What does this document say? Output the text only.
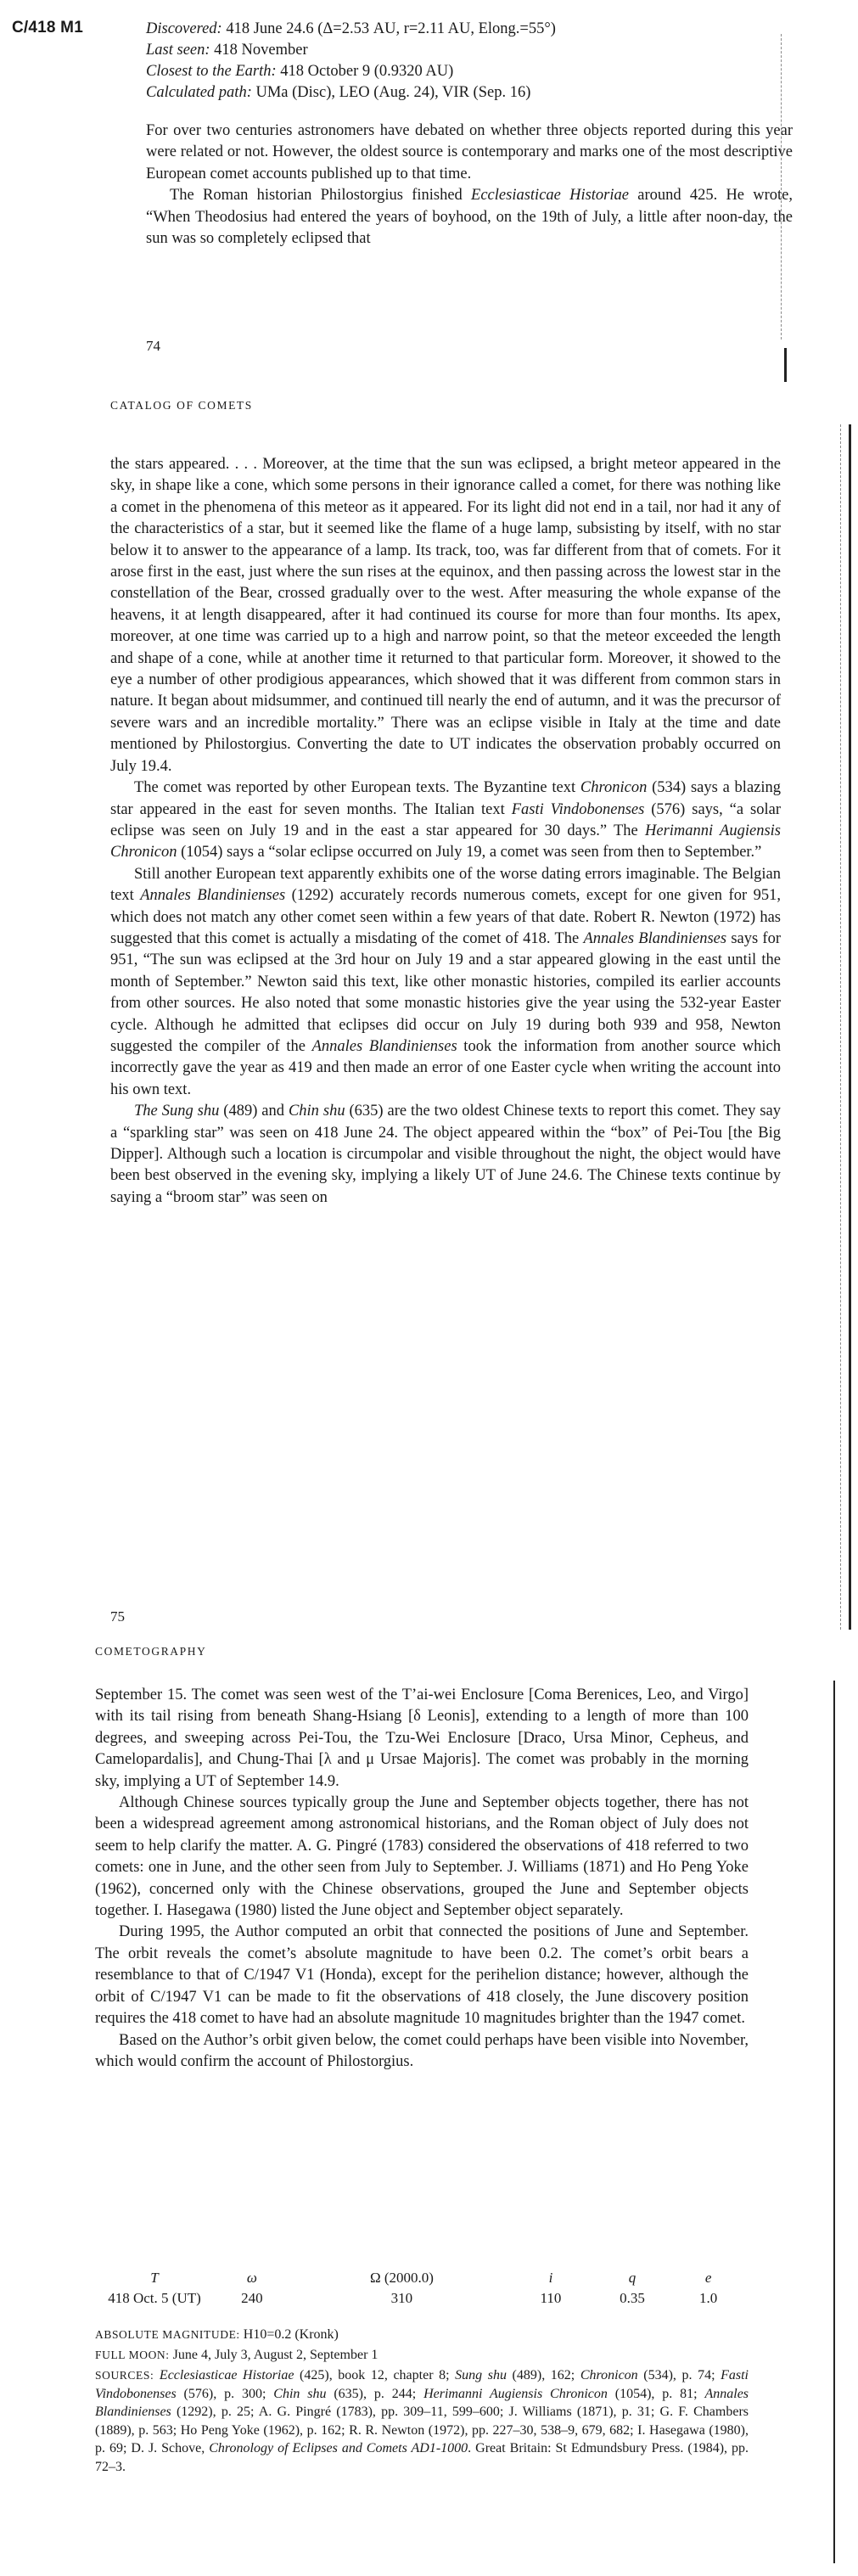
C/418 M1	Discovered: 418 June 24.6 (Δ=2.53 AU, r=2.11 AU, Elong.=55°)
Last seen: 418 November
Closest to the Earth: 418 October 9 (0.9320 AU)
Calculated path: UMa (Disc), LEO (Aug. 24), VIR (Sep. 16)

For over two centuries astronomers have debated on whether three objects reported during this year were related or not. However, the oldest source is contemporary and marks one of the most descriptive European comet accounts published up to that time.

The Roman historian Philostorgius finished Ecclesiasticae Historiae around 425. He wrote, “When Theodosius had entered the years of boyhood, on the 19th of July, a little after noon-day, the sun was so completely eclipsed that

74
CATALOG OF COMETS

the stars appeared. . . . Moreover, at the time that the sun was eclipsed, a bright meteor appeared in the sky, in shape like a cone, which some persons in their ignorance called a comet, for there was nothing like a comet in the phenomena of this meteor as it appeared. For its light did not end in a tail, nor had it any of the characteristics of a star, but it seemed like the flame of a huge lamp, subsisting by itself, with no star below it to answer to the appearance of a lamp. Its track, too, was far different from that of comets. For it arose first in the east, just where the sun rises at the equinox, and then passing across the lowest star in the constellation of the Bear, crossed gradually over to the west. After measuring the whole expanse of the heavens, it at length disappeared, after it had continued its course for more than four months. Its apex, moreover, at one time was carried up to a high and narrow point, so that the meteor exceeded the length and shape of a cone, while at another time it returned to that particular form. Moreover, it showed to the eye a number of other prodigious appearances, which showed that it was different from common stars in nature. It began about midsummer, and continued till nearly the end of autumn, and it was the precursor of severe wars and an incredible mortality.” There was an eclipse visible in Italy at the time and date mentioned by Philostorgius. Converting the date to UT indicates the observation probably occurred on July 19.4.

The comet was reported by other European texts. The Byzantine text Chronicon (534) says a blazing star appeared in the east for seven months. The Italian text Fasti Vindobonenses (576) says, “a solar eclipse was seen on July 19 and in the east a star appeared for 30 days.” The Herimanni Augiensis Chronicon (1054) says a “solar eclipse occurred on July 19, a comet was seen from then to September.”

Still another European text apparently exhibits one of the worse dating errors imaginable. The Belgian text Annales Blandinienses (1292) accurately records numerous comets, except for one given for 951, which does not match any other comet seen within a few years of that date. Robert R. Newton (1972) has suggested that this comet is actually a misdating of the comet of 418. The Annales Blandinienses says for 951, “The sun was eclipsed at the 3rd hour on July 19 and a star appeared glowing in the east until the month of September.” Newton said this text, like other monastic histories, compiled its earlier accounts from other sources. He also noted that some monastic histories give the year using the 532-year Easter cycle. Although he admitted that eclipses did occur on July 19 during both 939 and 958, Newton suggested the compiler of the Annales Blandinienses took the information from another source which incorrectly gave the year as 419 and then made an error of one Easter cycle when writing the account into his own text.

The Sung shu (489) and Chin shu (635) are the two oldest Chinese texts to report this comet. They say a “sparkling star” was seen on 418 June 24. The object appeared within the “box” of Pei-Tou [the Big Dipper]. Although such a location is circumpolar and visible throughout the night, the object would have been best observed in the evening sky, implying a likely UT of June 24.6. The Chinese texts continue by saying a “broom star” was seen on

75
COMETOGRAPHY

September 15. The comet was seen west of the T’ai-wei Enclosure [Coma Berenices, Leo, and Virgo] with its tail rising from beneath Shang-Hsiang [δ Leonis], extending to a length of more than 100 degrees, and sweeping across Pei-Tou, the Tzu-Wei Enclosure [Draco, Ursa Minor, Cepheus, and Camelopardalis], and Chung-Thai [λ and μ Ursae Majoris]. The comet was probably in the morning sky, implying a UT of September 14.9.

Although Chinese sources typically group the June and September objects together, there has not been a widespread agreement among astronomical historians, and the Roman object of July does not seem to help clarify the matter. A. G. Pingré (1783) considered the observations of 418 referred to two comets: one in June, and the other seen from July to September. J. Williams (1871) and Ho Peng Yoke (1962), concerned only with the Chinese observations, grouped the June and September objects together. I. Hasegawa (1980) listed the June object and September object separately.

During 1995, the Author computed an orbit that connected the positions of June and September. The orbit reveals the comet’s absolute magnitude to have been 0.2. The comet’s orbit bears a resemblance to that of C/1947 V1 (Honda), except for the perihelion distance; however, although the orbit of C/1947 V1 can be made to fit the observations of 418 closely, the June discovery position requires the 418 comet to have had an absolute magnitude 10 magnitudes brighter than the 1947 comet.

Based on the Author’s orbit given below, the comet could perhaps have been visible into November, which would confirm the account of Philostorgius.

T	ω	Ω (2000.0)	i	q	e
418 Oct. 5 (UT)	240	310	110	0.35	1.0

ABSOLUTE MAGNITUDE: H10=0.2 (Kronk)

FULL MOON: June 4, July 3, August 2, September 1

SOURCES: Ecclesiasticae Historiae (425), book 12, chapter 8; Sung shu (489), 162; Chronicon (534), p. 74; Fasti Vindobonenses (576), p. 300; Chin shu (635), p. 244; Herimanni Augiensis Chronicon (1054), p. 81; Annales Blandinienses (1292), p. 25; A. G. Pingré (1783), pp. 309–11, 599–600; J. Williams (1871), p. 31; G. F. Chambers (1889), p. 563; Ho Peng Yoke (1962), p. 162; R. R. Newton (1972), pp. 227–30, 538–9, 679, 682; I. Hasegawa (1980), p. 69; D. J. Schove, Chronology of Eclipses and Comets AD1-1000. Great Britain: St Edmundsbury Press. (1984), pp. 72–3.
